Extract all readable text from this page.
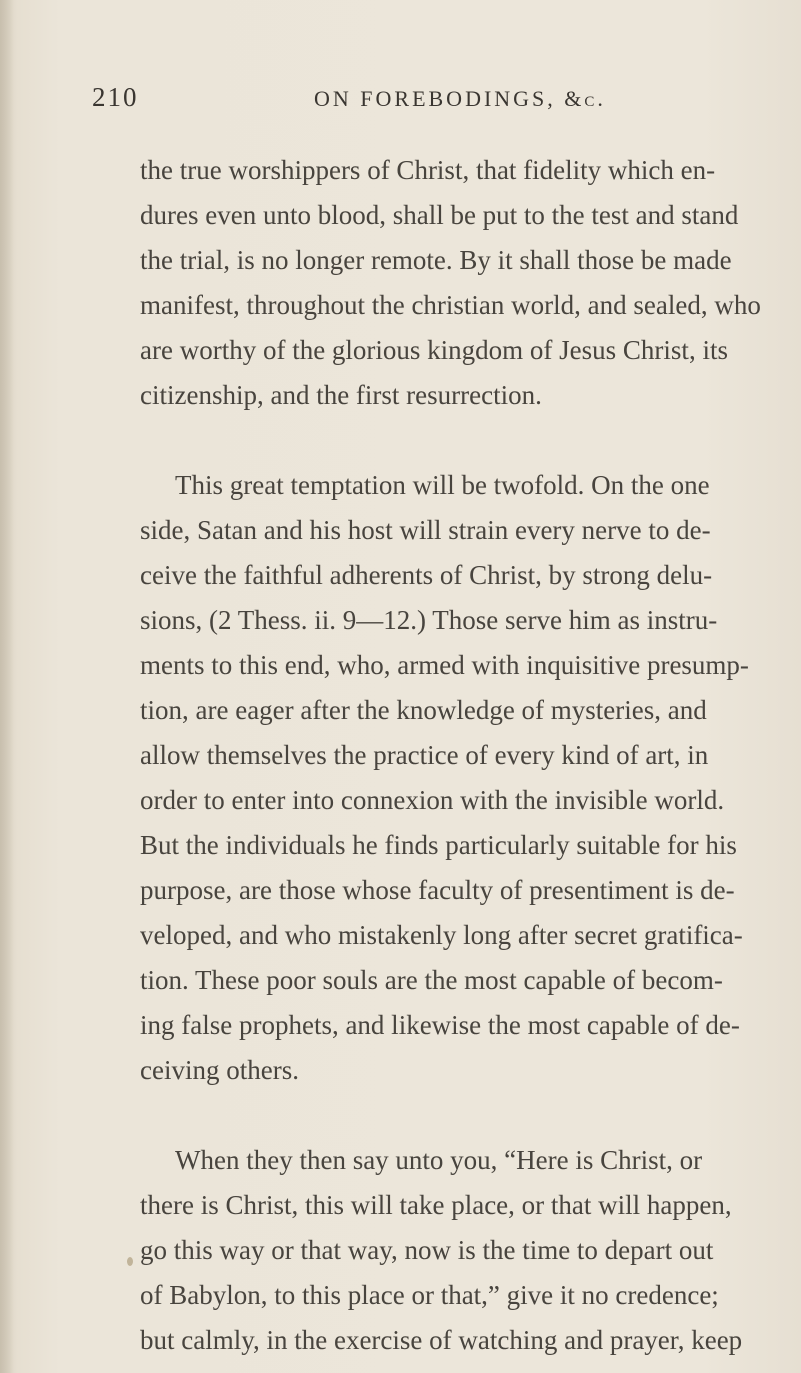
210	ON FOREBODINGS, &c.

the true worshippers of Christ, that fidelity which en-
dures even unto blood, shall be put to the test and stand
the trial, is no longer remote. By it shall those be made
manifest, throughout the christian world, and sealed, who
are worthy of the glorious kingdom of Jesus Christ, its
citizenship, and the first resurrection.

This great temptation will be twofold. On the one
side, Satan and his host will strain every nerve to de-
ceive the faithful adherents of Christ, by strong delu-
sions, (2 Thess. ii. 9—12.) Those serve him as instru-
ments to this end, who, armed with inquisitive presump-
tion, are eager after the knowledge of mysteries, and
allow themselves the practice of every kind of art, in
order to enter into connexion with the invisible world.
But the individuals he finds particularly suitable for his
purpose, are those whose faculty of presentiment is de-
veloped, and who mistakenly long after secret gratifica-
tion. These poor souls are the most capable of becom-
ing false prophets, and likewise the most capable of de-
ceiving others.

When they then say unto you, “Here is Christ, or
there is Christ, this will take place, or that will happen,
go this way or that way, now is the time to depart out
of Babylon, to this place or that,” give it no credence;
but calmly, in the exercise of watching and prayer, keep
